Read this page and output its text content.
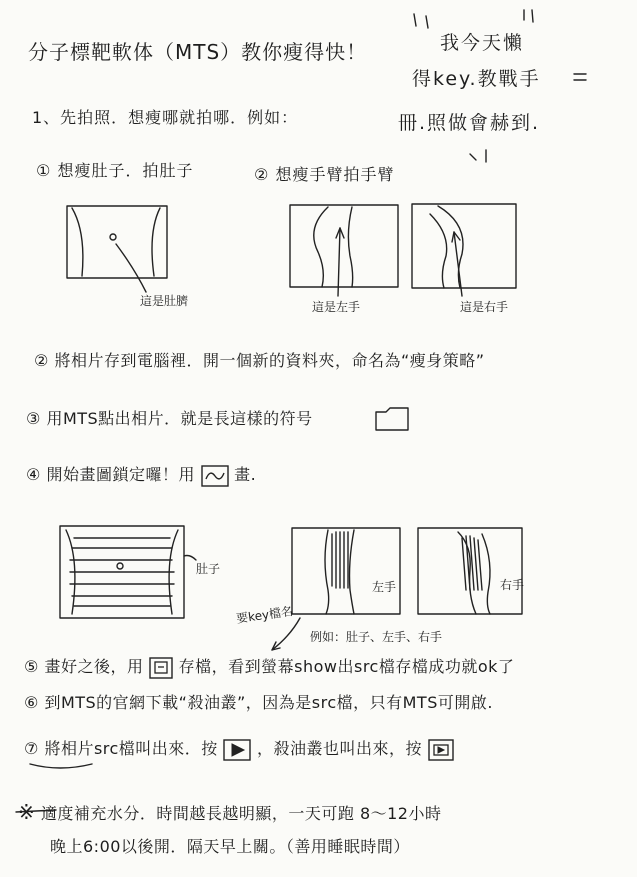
分子標靶軟体（MTS）教你瘦得快！	我今天懶
得key.教戰手
冊.照做會赫到.
1、先拍照．想瘦哪就拍哪．例如：
① 想瘦肚子．拍肚子	② 想瘦手臂拍手臂
這是肚臍	這是左手	這是右手
② 將相片存到電腦裡．開一個新的資料夾，命名為“瘦身策略”
③ 用MTS點出相片．就是長這樣的符号
④ 開始畫圖鎖定囉！用 畫.
肚子
左手	右手
要key檔名
例如：肚子、左手、右手
⑤ 畫好之後，用 存檔，看到螢幕show出src檔存檔成功就ok了
⑥ 到MTS的官網下載“殺油叢”，因為是src檔，只有MTS可開啟.
⑦ 將相片src檔叫出來．按 ，殺油叢也叫出來，按
※ 適度補充水分．時間越長越明顯，一天可跑 8～12小時
晚上6:00以後開．隔天早上關。（善用睡眠時間）
